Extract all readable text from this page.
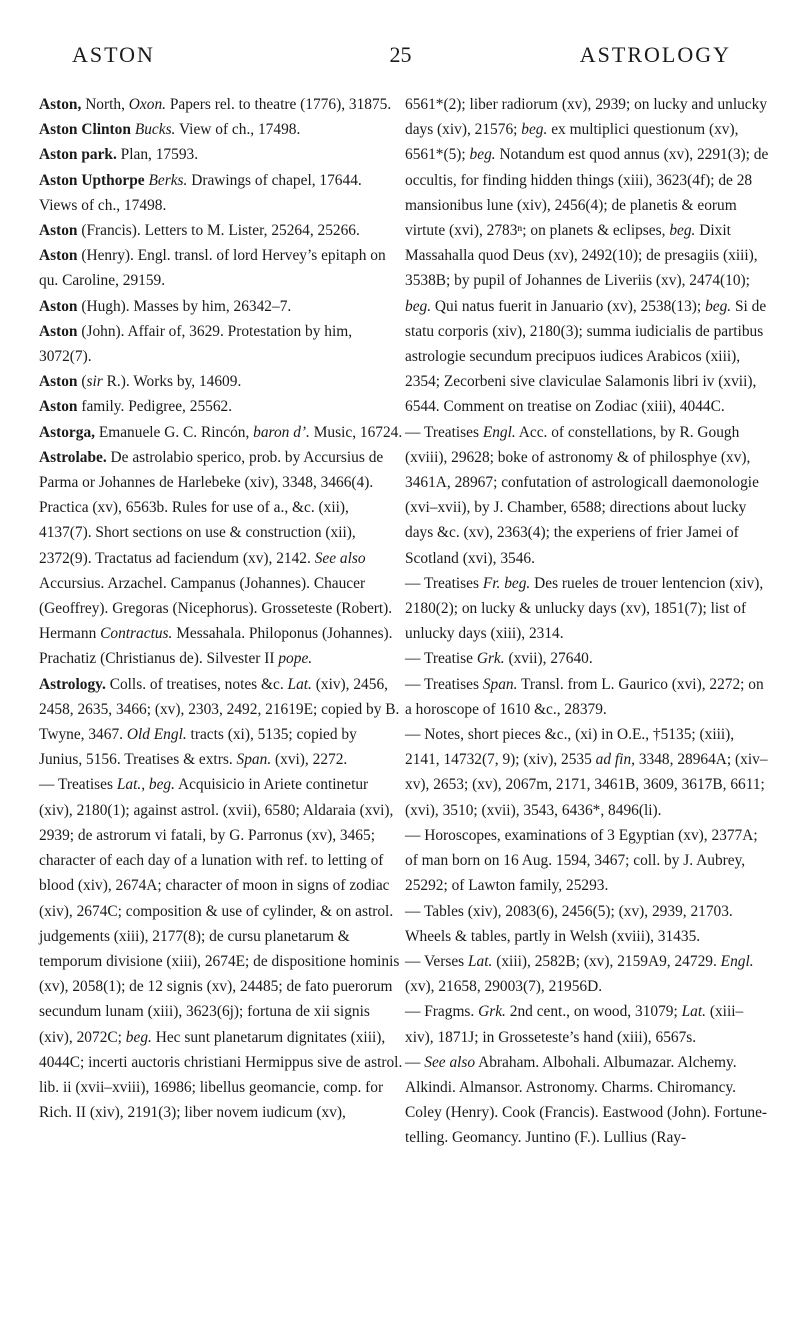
ASTON	25	ASTROLOGY

Aston, North, Oxon. Papers rel. to theatre (1776), 31875.

Aston Clinton Bucks. View of ch., 17498.

Aston park. Plan, 17593.

Aston Upthorpe Berks. Drawings of chapel, 17644. Views of ch., 17498.

Aston (Francis). Letters to M. Lister, 25264, 25266.

Aston (Henry). Engl. transl. of lord Hervey’s epitaph on qu. Caroline, 29159.

Aston (Hugh). Masses by him, 26342–7.

Aston (John). Affair of, 3629. Protestation by him, 3072(7).

Aston (sir R.). Works by, 14609.

Aston family. Pedigree, 25562.

Astorga, Emanuele G. C. Rincón, baron d’. Music, 16724.

Astrolabe. De astrolabio sperico, prob. by Accursius de Parma or Johannes de Harlebeke (xiv), 3348, 3466(4). Practica (xv), 6563b. Rules for use of a., &c. (xii), 4137(7). Short sections on use & construction (xii), 2372(9). Tractatus ad faciendum (xv), 2142. See also Accursius. Arzachel. Campanus (Johannes). Chaucer (Geoffrey). Gregoras (Nicephorus). Grosseteste (Robert). Hermann Contractus. Messahala. Philoponus (Johannes). Prachatiz (Christianus de). Silvester II pope.

Astrology. Colls. of treatises, notes &c. Lat. (xiv), 2456, 2458, 2635, 3466; (xv), 2303, 2492, 21619E; copied by B. Twyne, 3467. Old Engl. tracts (xi), 5135; copied by Junius, 5156. Treatises & extrs. Span. (xvi), 2272.

— Treatises Lat., beg. Acquisicio in Ariete continetur (xiv), 2180(1); against astrol. (xvii), 6580; Aldaraia (xvi), 2939; de astrorum vi fatali, by G. Parronus (xv), 3465; character of each day of a lunation with ref. to letting of blood (xiv), 2674A; character of moon in signs of zodiac (xiv), 2674C; composition & use of cylinder, & on astrol. judgements (xiii), 2177(8); de cursu planetarum & temporum divisione (xiii), 2674E; de dispositione hominis (xv), 2058(1); de 12 signis (xv), 24485; de fato puerorum secundum lunam (xiii), 3623(6j); fortuna de xii signis (xiv), 2072C; beg. Hec sunt planetarum dignitates (xiii), 4044C; incerti auctoris christiani Hermippus sive de astrol. lib. ii (xvii–xviii), 16986; libellus geomancie, comp. for Rich. II (xiv), 2191(3); liber novem iudicum (xv),

6561*(2); liber radiorum (xv), 2939; on lucky and unlucky days (xiv), 21576; beg. ex multiplici questionum (xv), 6561*(5); beg. Notandum est quod annus (xv), 2291(3); de occultis, for finding hidden things (xiii), 3623(4f); de 28 mansionibus lune (xiv), 2456(4); de planetis & eorum virtute (xvi), 2783ⁿ; on planets & eclipses, beg. Dixit Massahalla quod Deus (xv), 2492(10); de presagiis (xiii), 3538B; by pupil of Johannes de Liveriis (xv), 2474(10); beg. Qui natus fuerit in Januario (xv), 2538(13); beg. Si de statu corporis (xiv), 2180(3); summa iudicialis de partibus astrologie secundum precipuos iudices Arabicos (xiii), 2354; Zecorbeni sive claviculae Salamonis libri iv (xvii), 6544. Comment on treatise on Zodiac (xiii), 4044C.

— Treatises Engl. Acc. of constellations, by R. Gough (xviii), 29628; boke of astronomy & of philosphye (xv), 3461A, 28967; confutation of astrologicall daemonologie (xvi–xvii), by J. Chamber, 6588; directions about lucky days &c. (xv), 2363(4); the experiens of frier Jamei of Scotland (xvi), 3546.

— Treatises Fr. beg. Des rueles de trouer lentencion (xiv), 2180(2); on lucky & unlucky days (xv), 1851(7); list of unlucky days (xiii), 2314.

— Treatise Grk. (xvii), 27640.

— Treatises Span. Transl. from L. Gaurico (xvi), 2272; on a horoscope of 1610 &c., 28379.

— Notes, short pieces &c., (xi) in O.E., †5135; (xiii), 2141, 14732(7, 9); (xiv), 2535 ad fin, 3348, 28964A; (xiv–xv), 2653; (xv), 2067m, 2171, 3461B, 3609, 3617B, 6611; (xvi), 3510; (xvii), 3543, 6436*, 8496(li).

— Horoscopes, examinations of 3 Egyptian (xv), 2377A; of man born on 16 Aug. 1594, 3467; coll. by J. Aubrey, 25292; of Lawton family, 25293.

— Tables (xiv), 2083(6), 2456(5); (xv), 2939, 21703. Wheels & tables, partly in Welsh (xviii), 31435.

— Verses Lat. (xiii), 2582B; (xv), 2159A9, 24729. Engl. (xv), 21658, 29003(7), 21956D.

— Fragms. Grk. 2nd cent., on wood, 31079; Lat. (xiii–xiv), 1871J; in Grosseteste’s hand (xiii), 6567s.

— See also Abraham. Albohali. Albumazar. Alchemy. Alkindi. Almansor. Astronomy. Charms. Chiromancy. Coley (Henry). Cook (Francis). Eastwood (John). Fortune-telling. Geomancy. Juntino (F.). Lullius (Ray-
